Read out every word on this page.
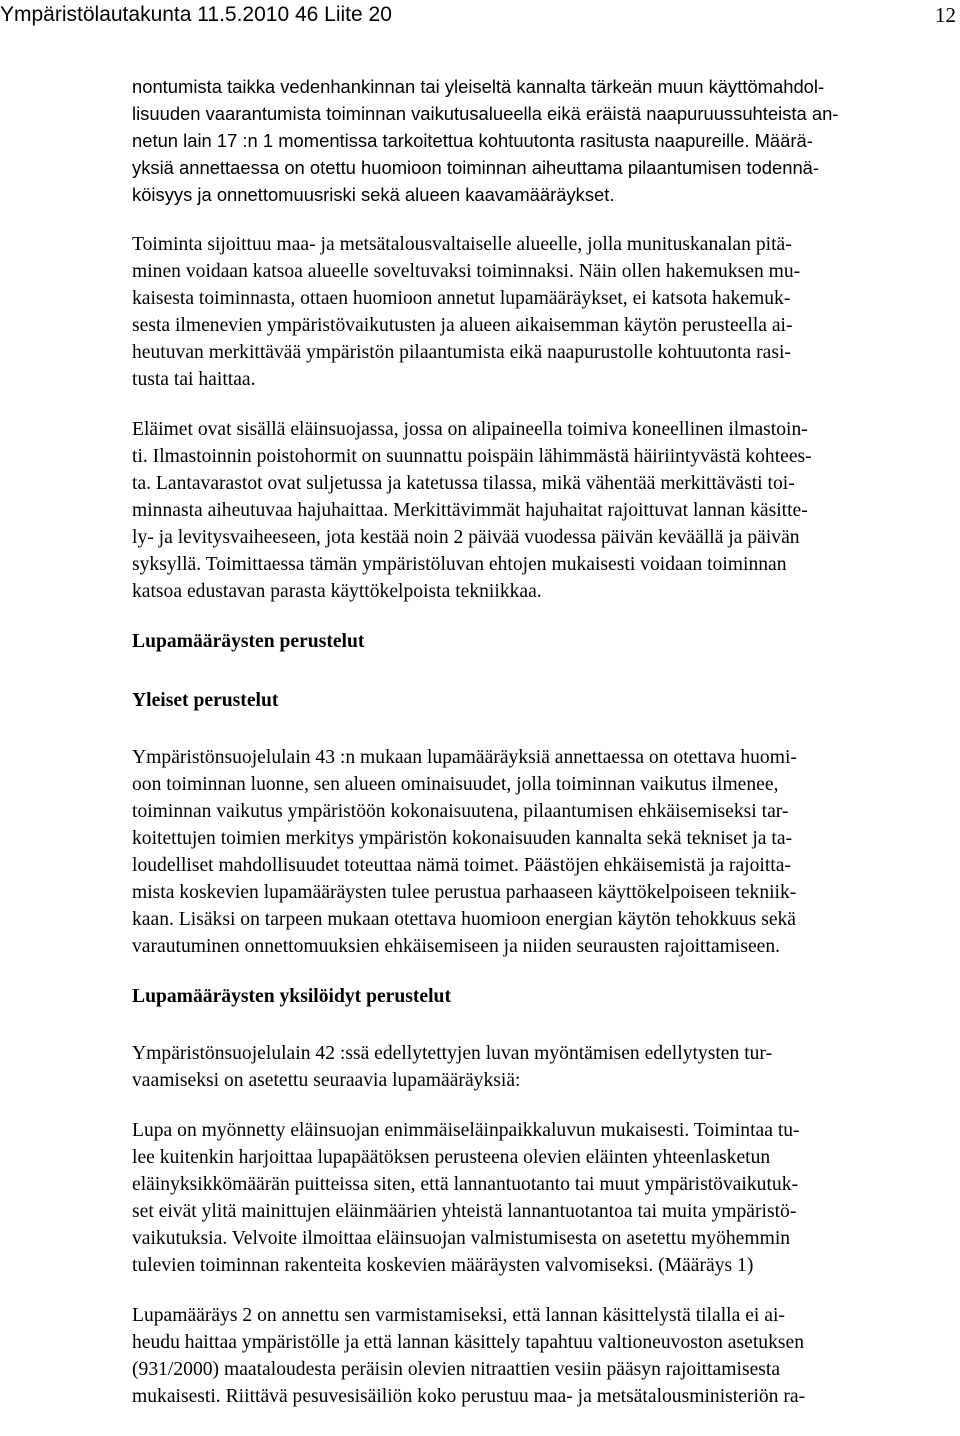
Ympäristölautakunta 11.5.2010 46 Liite 20	12
nontumista taikka vedenhankinnan tai yleiseltä kannalta tärkeän muun käyttömahdol-
lisuuden vaarantumista toiminnan vaikutusalueella eikä eräistä naapuruussuhteista an-
netun lain 17 :n 1 momentissa tarkoitettua kohtuutonta rasitusta naapureille. Määrä-
yksiä annettaessa on otettu huomioon toiminnan aiheuttama pilaantumisen todennä-
köisyys ja onnettomuusriski sekä alueen kaavamääräykset.
Toiminta sijoittuu maa- ja metsätalousvaltaiselle alueelle, jolla munituskanalan pitä-
minen voidaan katsoa alueelle soveltuvaksi toiminnaksi. Näin ollen hakemuksen mu-
kaisesta toiminnasta, ottaen huomioon annetut lupamääräykset, ei katsota hakemuk-
sesta ilmenevien ympäristövaikutusten ja alueen aikaisemman käytön perusteella ai-
heutuvan merkittävää ympäristön pilaantumista eikä naapurustolle kohtuutonta rasi-
tusta tai haittaa.
Eläimet ovat sisällä eläinsuojassa, jossa on alipaineella toimiva koneellinen ilmastoin-
ti. Ilmastoinnin poistohormit on suunnattu poispäin lähimmästä häiriintyvästä kohtees-
ta. Lantavarastot ovat suljetussa ja katetussa tilassa, mikä vähentää merkittävästi toi-
minnasta aiheutuvaa hajuhaittaa. Merkittävimmät hajuhaitat rajoittuvat lannan käsitte-
ly- ja levitysvaiheeseen, jota kestää noin 2 päivää vuodessa päivän keväällä ja päivän
syksyllä. Toimittaessa tämän ympäristöluvan ehtojen mukaisesti voidaan toiminnan
katsoa edustavan parasta käyttökelpoista tekniikkaa.
Lupamääräysten perustelut
Yleiset perustelut
Ympäristönsuojelulain 43 :n mukaan lupamääräyksiä annettaessa on otettava huomi-
oon toiminnan luonne, sen alueen ominaisuudet, jolla toiminnan vaikutus ilmenee,
toiminnan vaikutus ympäristöön kokonaisuutena, pilaantumisen ehkäisemiseksi tar-
koitettujen toimien merkitys ympäristön kokonaisuuden kannalta sekä tekniset ja ta-
loudelliset mahdollisuudet toteuttaa nämä toimet. Päästöjen ehkäisemistä ja rajoitta-
mista koskevien lupamääräysten tulee perustua parhaaseen käyttökelpoiseen tekniik-
kaan. Lisäksi on tarpeen mukaan otettava huomioon energian käytön tehokkuus sekä
varautuminen onnettomuuksien ehkäisemiseen ja niiden seurausten rajoittamiseen.
Lupamääräysten yksilöidyt perustelut
Ympäristönsuojelulain 42 :ssä edellytettyjen luvan myöntämisen edellytysten tur-
vaamiseksi on asetettu seuraavia lupamääräyksiä:
Lupa on myönnetty eläinsuojan enimmäiseläinpaikkaluvun mukaisesti. Toimintaa tu-
lee kuitenkin harjoittaa lupapäätöksen perusteena olevien eläinten yhteenlasketun
eläinyksikkömäärän puitteissa siten, että lannantuotanto tai muut ympäristövaikutuk-
set eivät ylitä mainittujen eläinmäärien yhteistä lannantuotantoa tai muita ympäristö-
vaikutuksia. Velvoite ilmoittaa eläinsuojan valmistumisesta on asetettu myöhemmin
tulevien toiminnan rakenteita koskevien määräysten valvomiseksi. (Määräys 1)
Lupamääräys 2 on annettu sen varmistamiseksi, että lannan käsittelystä tilalla ei ai-
heudu haittaa ympäristölle ja että lannan käsittely tapahtuu valtioneuvoston asetuksen
(931/2000) maataloudesta peräisin olevien nitraattien vesiin pääsyn rajoittamisesta
mukaisesti. Riittävä pesuvesisäiliön koko perustuu maa- ja metsätalousministeriön ra-
